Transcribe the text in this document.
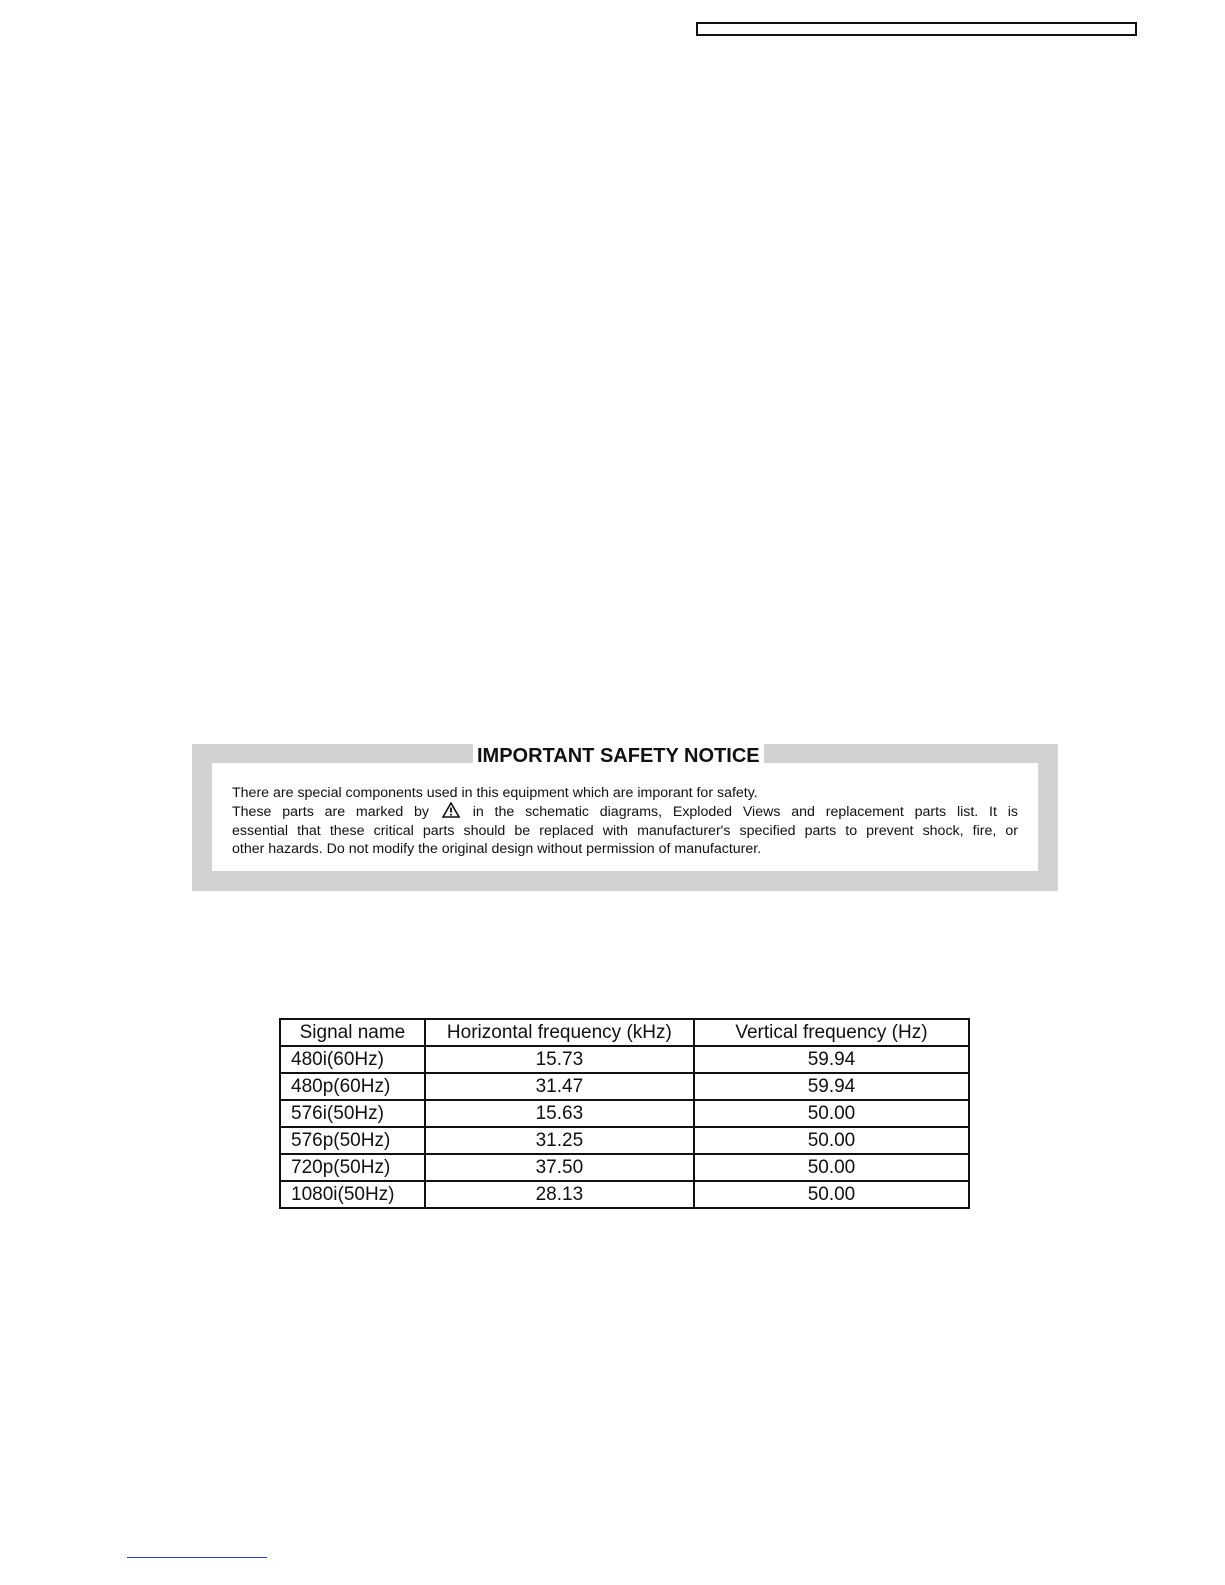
IMPORTANT SAFETY NOTICE

There are special components used in this equipment which are imporant for safety.

These parts are marked by	in the schematic diagrams, Exploded Views and replacement parts list. It is

essential that these critical parts should be replaced with manufacturer's specified parts to prevent shock, fire, or

other hazards. Do not modify the original design without permission of manufacturer.

Signal name	Horizontal frequency (kHz)	Vertical frequency (Hz)
480i(60Hz)	15.73	59.94
480p(60Hz)	31.47	59.94
576i(50Hz)	15.63	50.00
576p(50Hz)	31.25	50.00
720p(50Hz)	37.50	50.00
1080i(50Hz)	28.13	50.00
